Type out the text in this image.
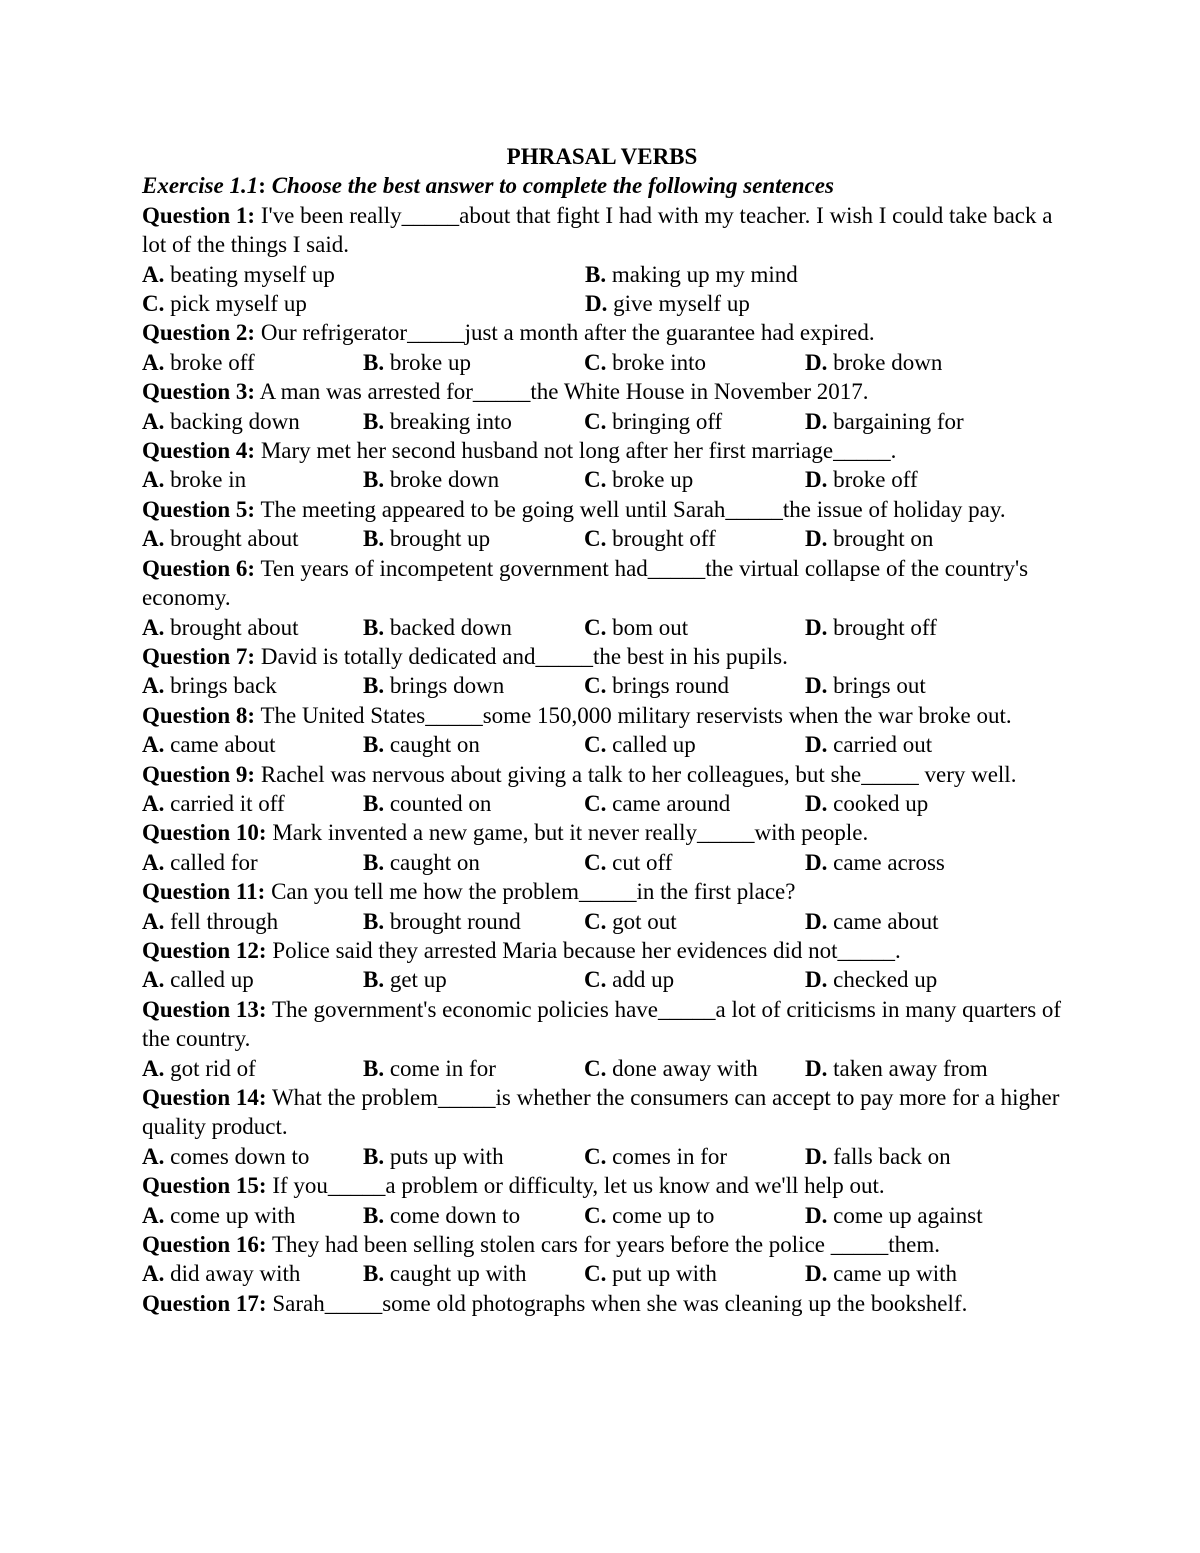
PHRASAL VERBS
Exercise 1.1: Choose the best answer to complete the following sentences
Question 1: I've been really_____about that fight I had with my teacher. I wish I could take back a lot of the things I said.
A. beating myself up	B. making up my mind
C. pick myself up	D. give myself up
Question 2: Our refrigerator_____just a month after the guarantee had expired.
A. broke off	B. broke up	C. broke into	D. broke down
Question 3: A man was arrested for_____the White House in November 2017.
A. backing down	B. breaking into	C. bringing off	D. bargaining for
Question 4: Mary met her second husband not long after her first marriage_____.
A. broke in	B. broke down	C. broke up	D. broke off
Question 5: The meeting appeared to be going well until Sarah_____the issue of holiday pay.
A. brought about	B. brought up	C. brought off	D. brought on
Question 6: Ten years of incompetent government had_____the virtual collapse of the country's economy.
A. brought about	B. backed down	C. bom out	D. brought off
Question 7: David is totally dedicated and_____the best in his pupils.
A. brings back	B. brings down	C. brings round	D. brings out
Question 8: The United States_____some 150,000 military reservists when the war broke out.
A. came about	B. caught on	C. called up	D. carried out
Question 9: Rachel was nervous about giving a talk to her colleagues, but she_____ very well.
A. carried it off	B. counted on	C. came around	D. cooked up
Question 10: Mark invented a new game, but it never really_____with people.
A. called for	B. caught on	C. cut off	D. came across
Question 11: Can you tell me how the problem_____in the first place?
A. fell through	B. brought round	C. got out	D. came about
Question 12: Police said they arrested Maria because her evidences did not_____.
A. called up	B. get up	C. add up	D. checked up
Question 13: The government's economic policies have_____a lot of criticisms in many quarters of the country.
A. got rid of	B. come in for	C. done away with	D. taken away from
Question 14: What the problem_____is whether the consumers can accept to pay more for a higher quality product.
A. comes down to	B. puts up with	C. comes in for	D. falls back on
Question 15: If you_____a problem or difficulty, let us know and we'll help out.
A. come up with	B. come down to	C. come up to	D. come up against
Question 16: They had been selling stolen cars for years before the police _____them.
A. did away with	B. caught up with	C. put up with	D. came up with
Question 17: Sarah_____some old photographs when she was cleaning up the bookshelf.
